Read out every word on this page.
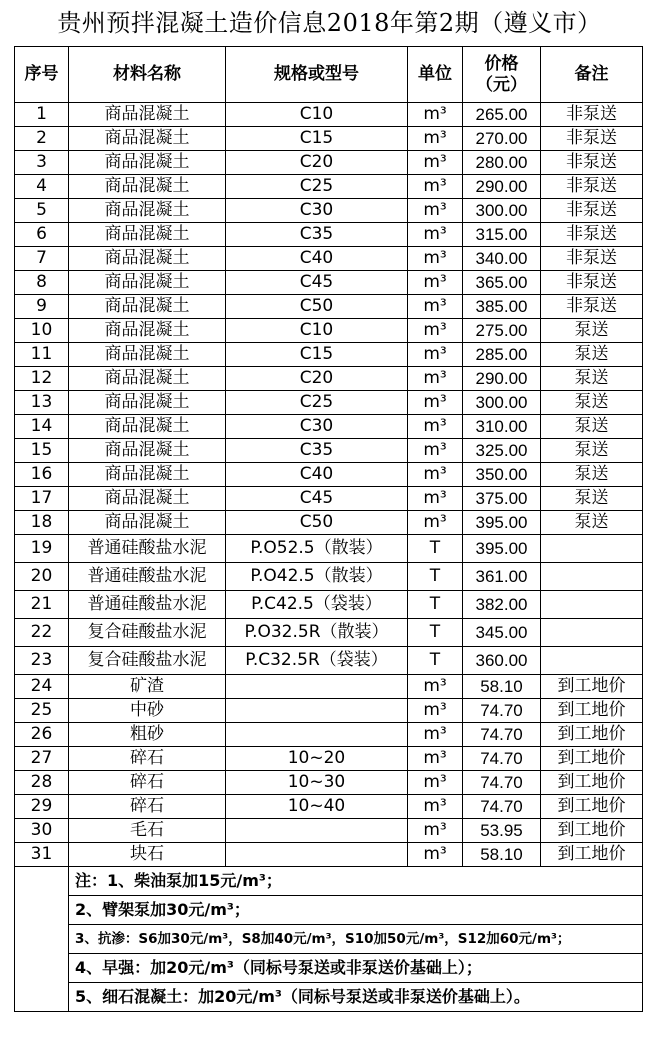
贵州预拌混凝土造价信息2018年第2期（遵义市）
序号	材料名称	规格或型号	单位	价格（元）	备注
1	商品混凝土	C10	m³	265.00	非泵送
2	商品混凝土	C15	m³	270.00	非泵送
3	商品混凝土	C20	m³	280.00	非泵送
4	商品混凝土	C25	m³	290.00	非泵送
5	商品混凝土	C30	m³	300.00	非泵送
6	商品混凝土	C35	m³	315.00	非泵送
7	商品混凝土	C40	m³	340.00	非泵送
8	商品混凝土	C45	m³	365.00	非泵送
9	商品混凝土	C50	m³	385.00	非泵送
10	商品混凝土	C10	m³	275.00	泵送
11	商品混凝土	C15	m³	285.00	泵送
12	商品混凝土	C20	m³	290.00	泵送
13	商品混凝土	C25	m³	300.00	泵送
14	商品混凝土	C30	m³	310.00	泵送
15	商品混凝土	C35	m³	325.00	泵送
16	商品混凝土	C40	m³	350.00	泵送
17	商品混凝土	C45	m³	375.00	泵送
18	商品混凝土	C50	m³	395.00	泵送
19	普通硅酸盐水泥	P.O52.5（散装）	T	395.00	
20	普通硅酸盐水泥	P.O42.5（散装）	T	361.00	
21	普通硅酸盐水泥	P.C42.5（袋装）	T	382.00	
22	复合硅酸盐水泥	P.O32.5R（散装）	T	345.00	
23	复合硅酸盐水泥	P.C32.5R（袋装）	T	360.00	
24	矿渣		m³	58.10	到工地价
25	中砂		m³	74.70	到工地价
26	粗砂		m³	74.70	到工地价
27	碎石	10~20	m³	74.70	到工地价
28	碎石	10~30	m³	74.70	到工地价
29	碎石	10~40	m³	74.70	到工地价
30	毛石		m³	53.95	到工地价
31	块石		m³	58.10	到工地价
	注：1、柴油泵加15元/m³；				
	2、臂架泵加30元/m³；				
	3、抗渗：S6加30元/m³，S8加40元/m³，S10加50元/m³，S12加60元/m³；				
	4、早强：加20元/m³（同标号泵送或非泵送价基础上）；				
	5、细石混凝土：加20元/m³（同标号泵送或非泵送价基础上）。				
